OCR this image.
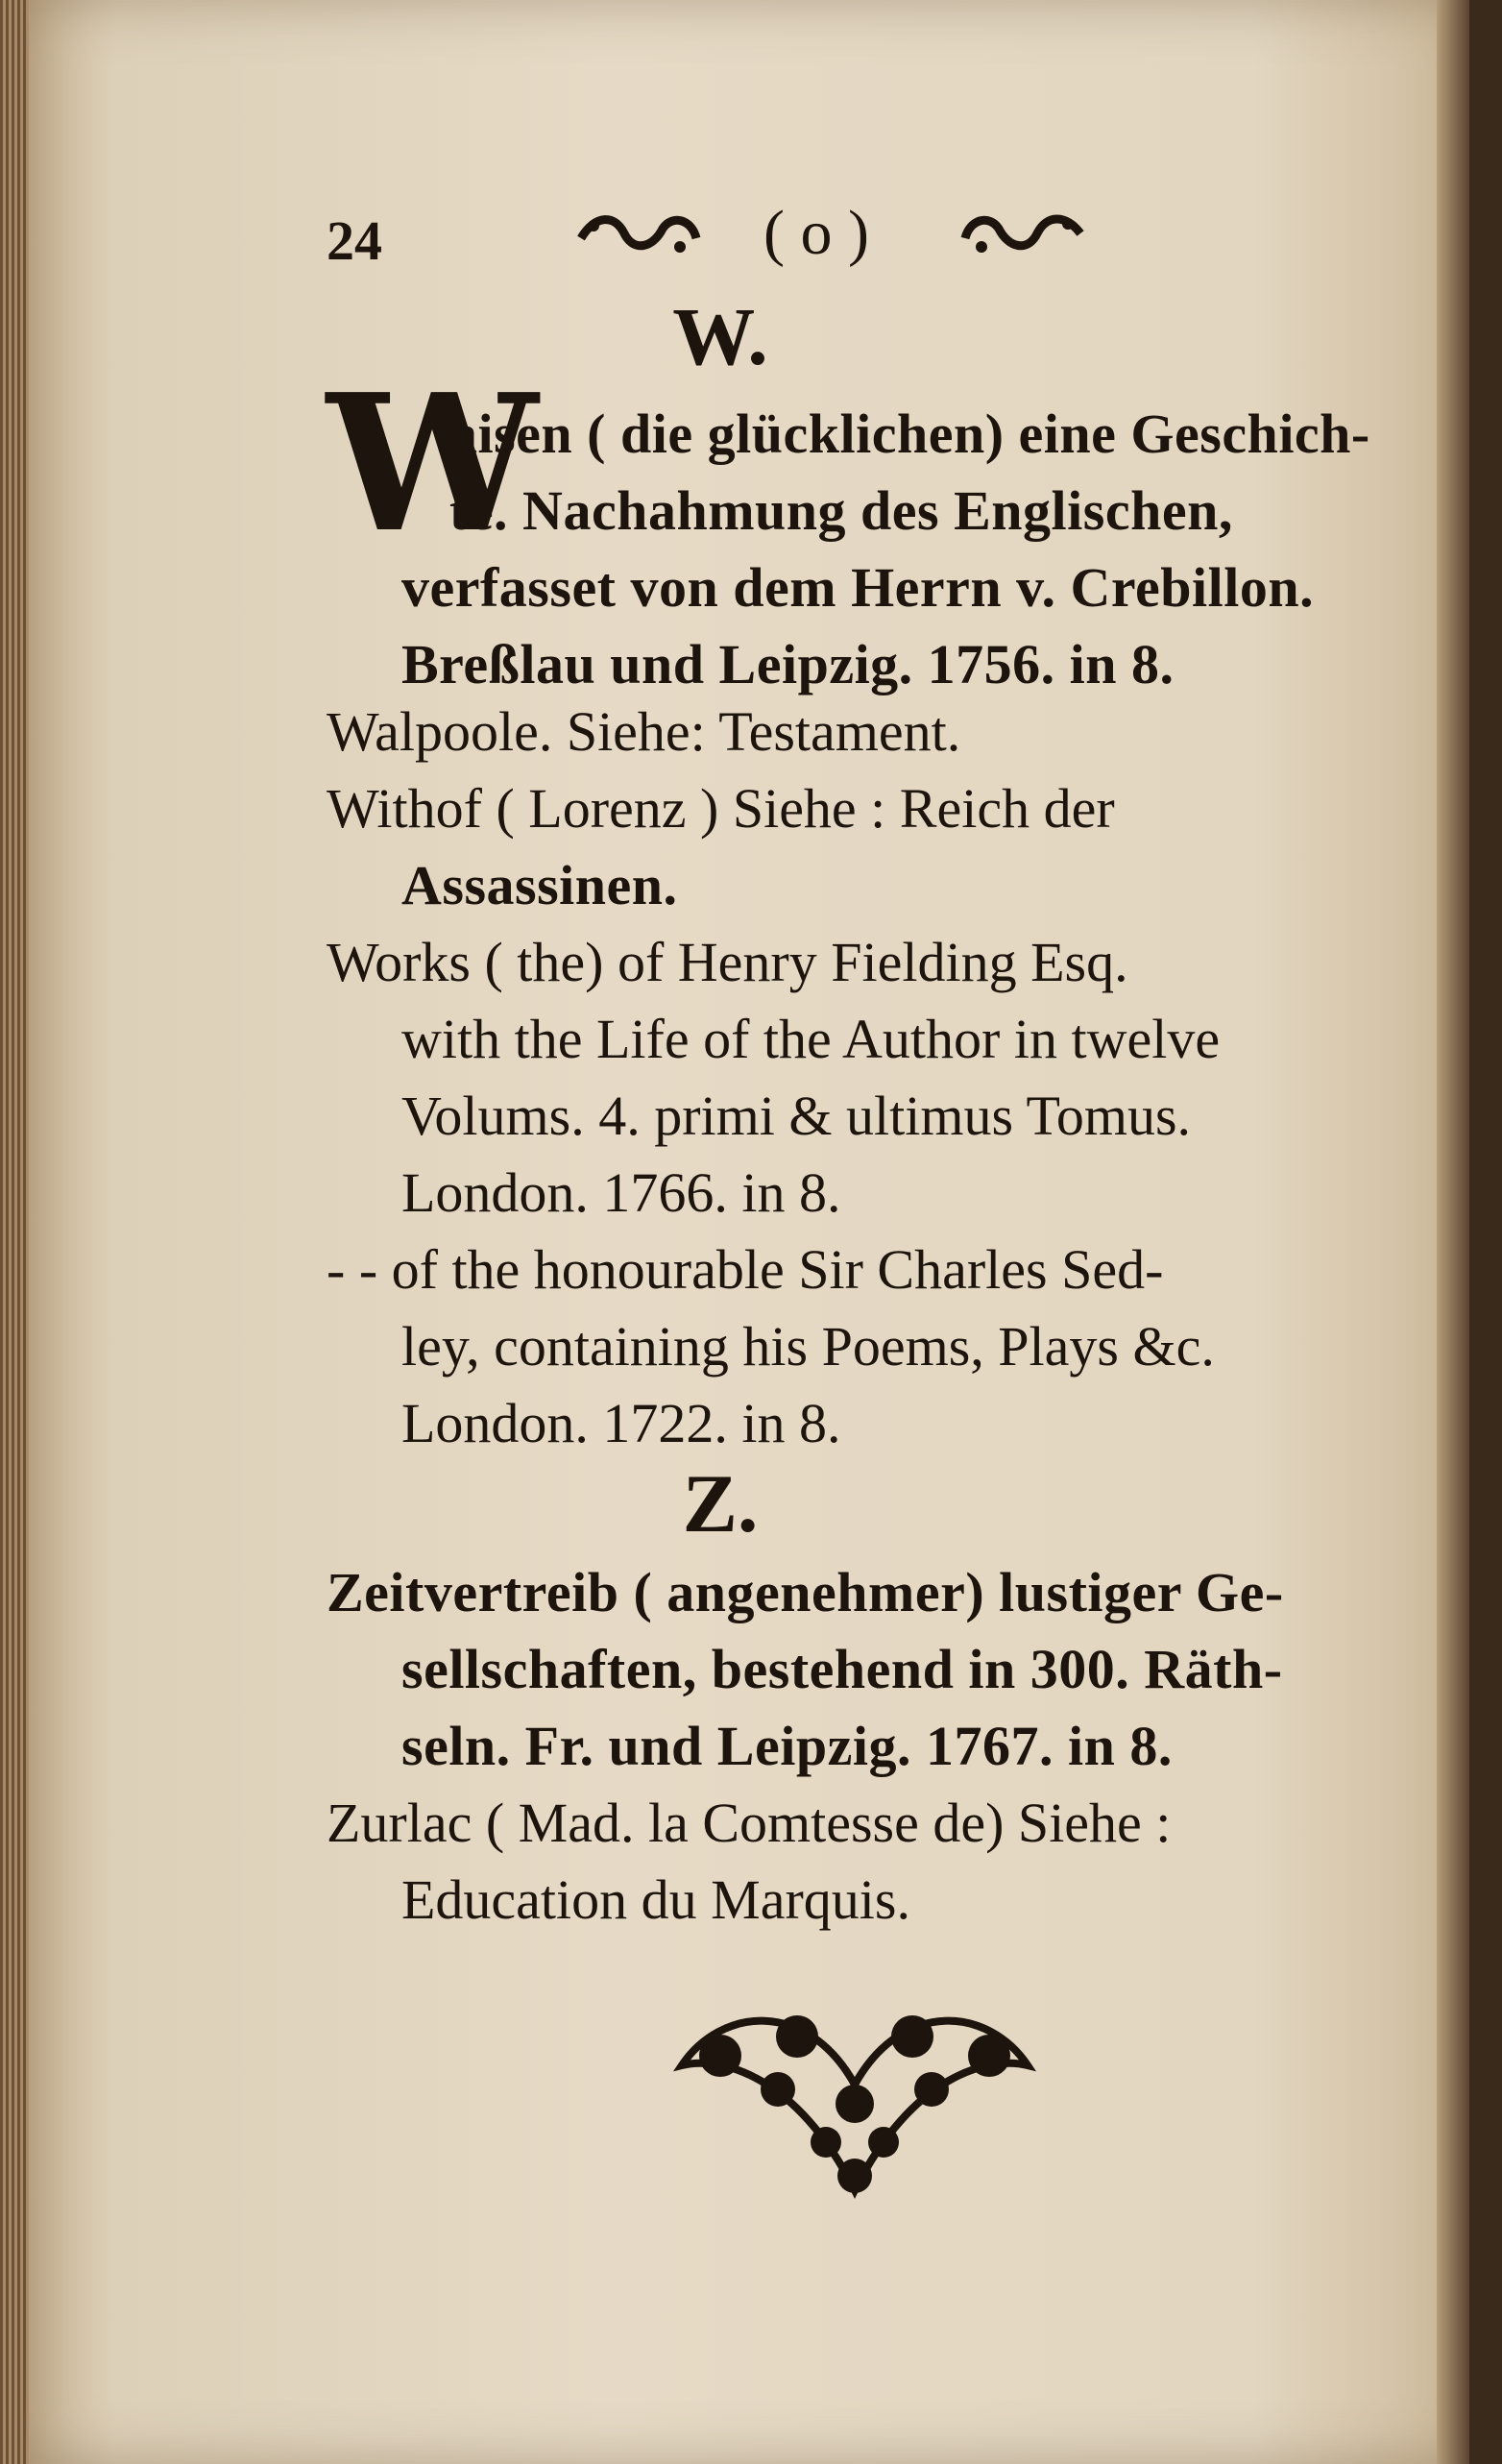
24	( o )
W.
W
aisen ( die glücklichen) eine Geschich-
te. Nachahmung des Englischen,
verfasset von dem Herrn v. Crebillon.
Breßlau und Leipzig. 1756. in 8.
Walpoole. Siehe: Testament.
Withof ( Lorenz ) Siehe : Reich der
Assassinen.
Works ( the) of Henry Fielding Esq.
with the Life of the Author in twelve
Volums. 4. primi & ultimus Tomus.
London. 1766. in 8.
- - of the honourable Sir Charles Sed-
ley, containing his Poems, Plays &c.
London. 1722. in 8.
Z.
Zeitvertreib ( angenehmer) lustiger Ge-
sellschaften, bestehend in 300. Räth-
seln. Fr. und Leipzig. 1767. in 8.
Zurlac ( Mad. la Comtesse de) Siehe :
Education du Marquis.
